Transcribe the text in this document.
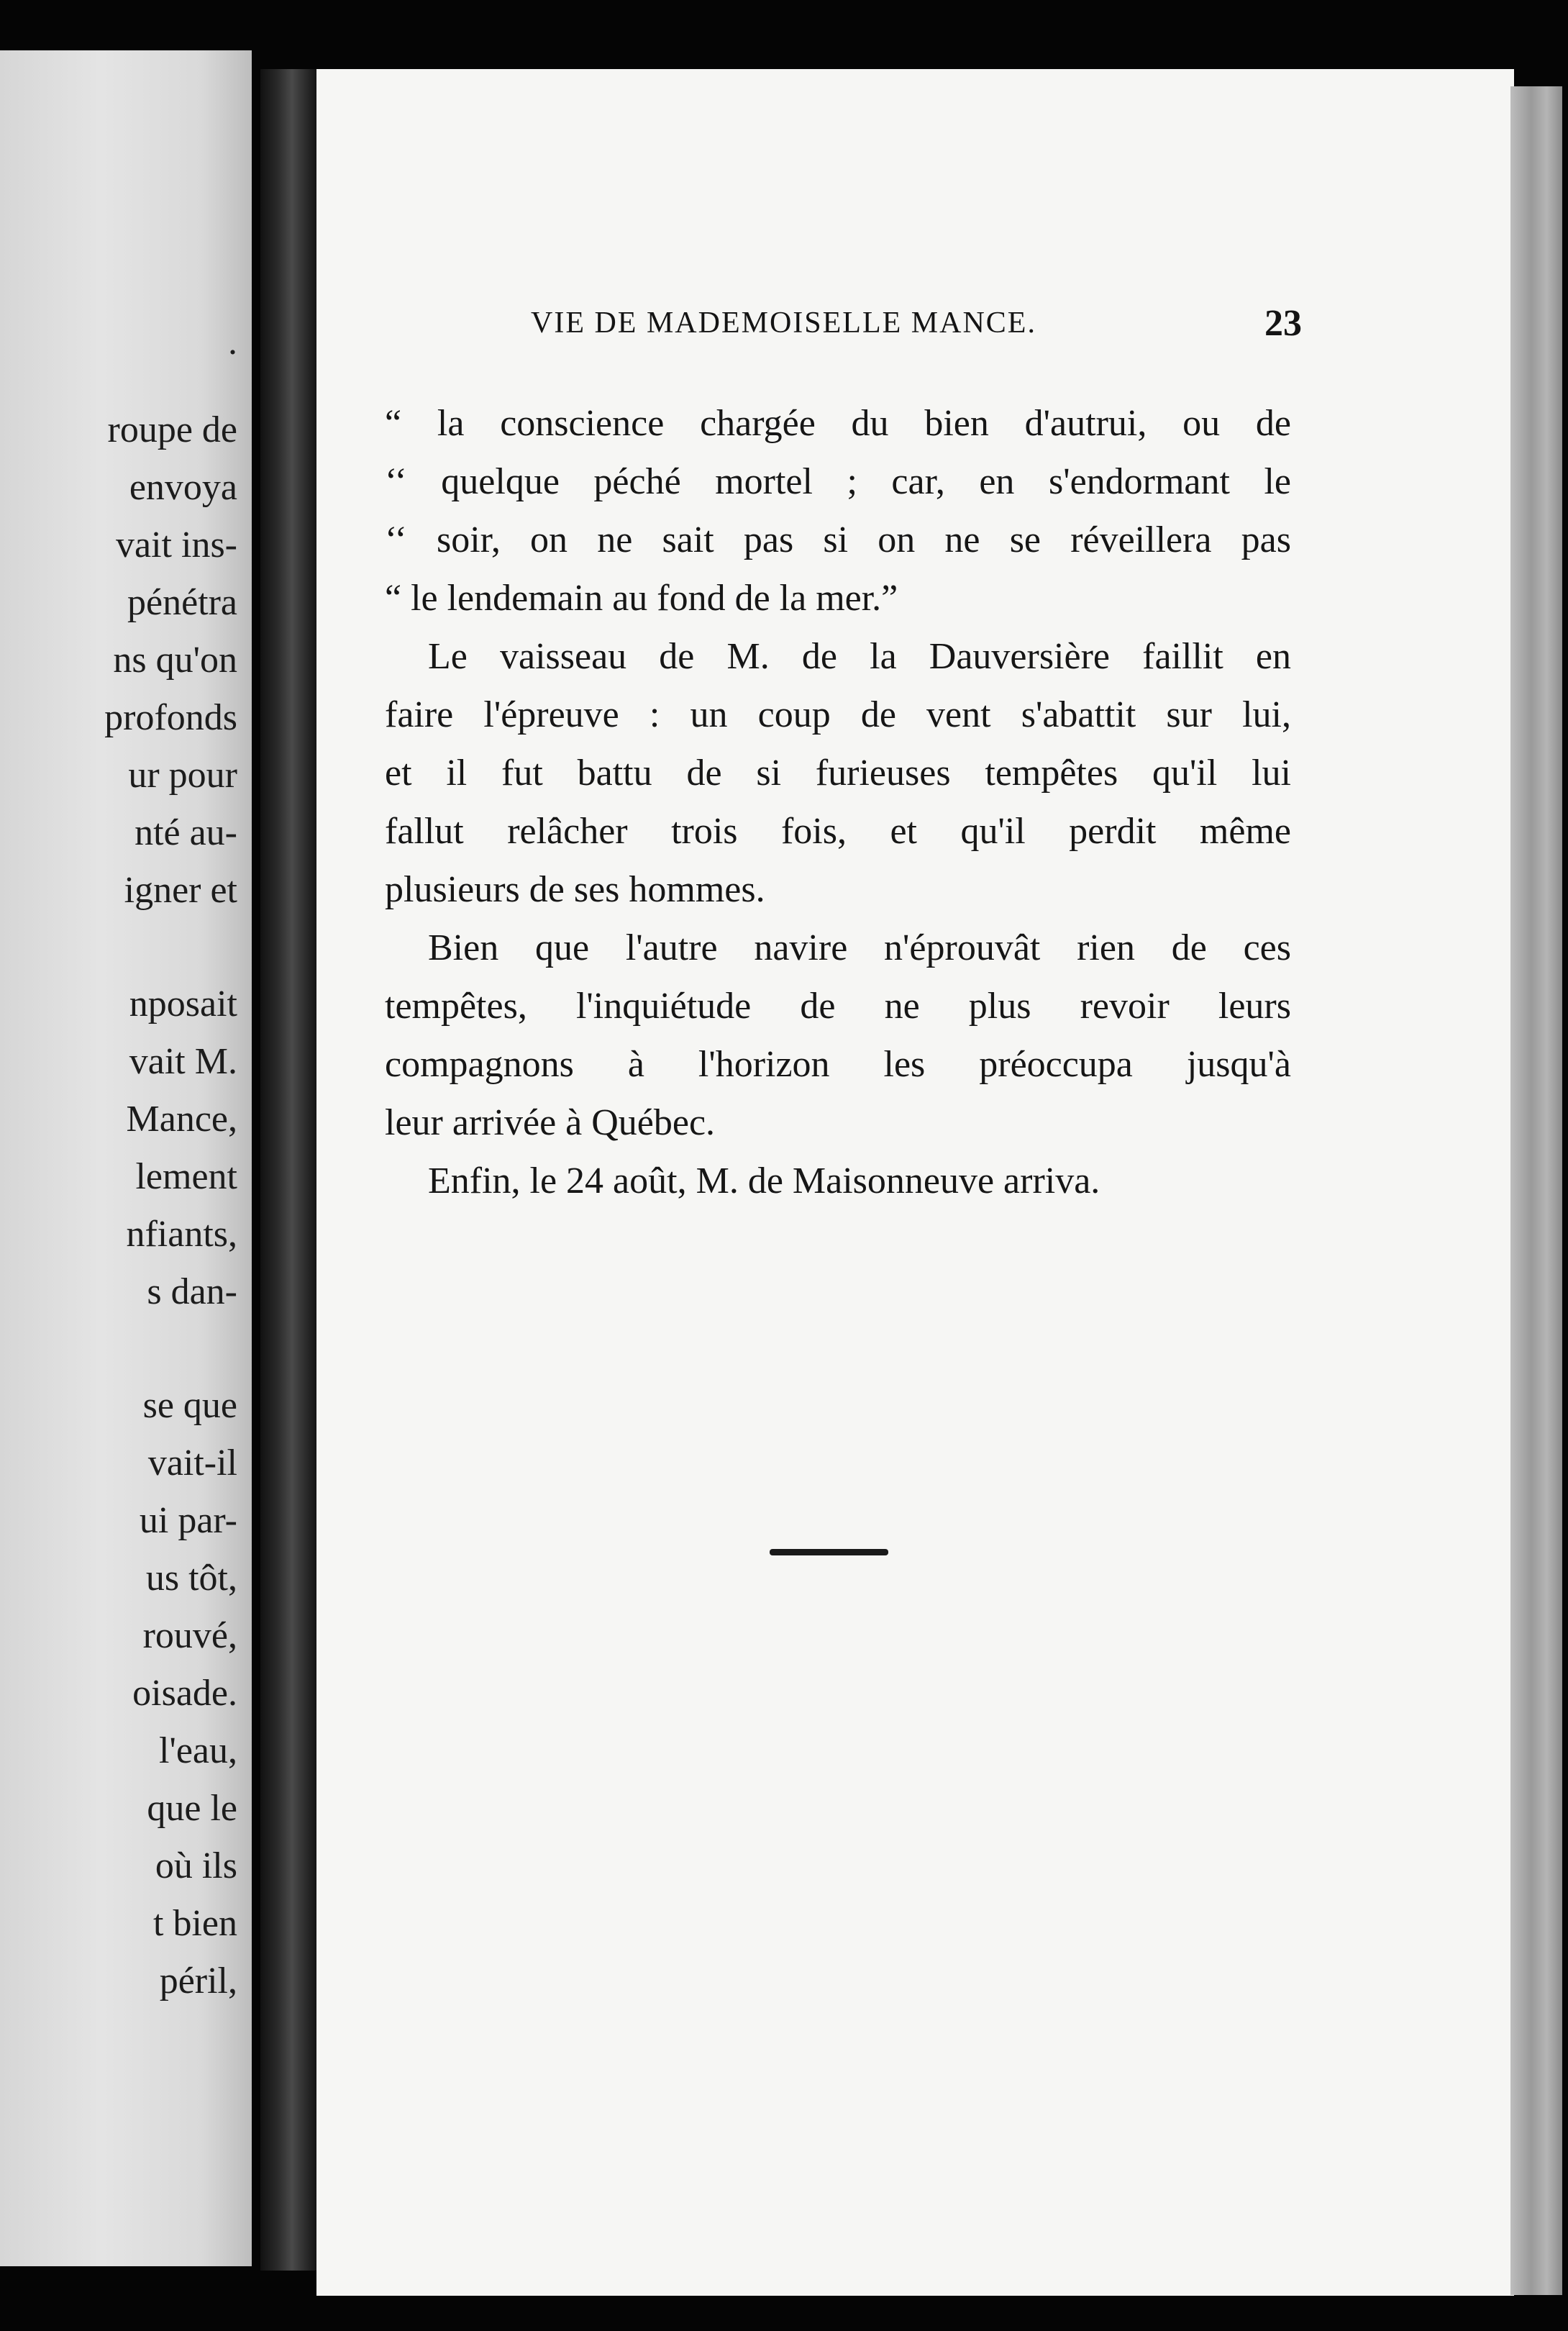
.
roupe de
envoya
vait ins-
pénétra
ns qu'on
profonds
ur pour
nté au-
igner et
nposait
vait M.
Mance,
lement
nfiants,
s dan-
se que
vait-il
ui par-
us tôt,
rouvé,
oisade.
l'eau,
que le
où ils
t bien
péril,
VIE DE MADEMOISELLE MANCE.	23
“ la conscience chargée du bien d'autrui, ou de
‘‘ quelque péché mortel ; car, en s'endormant le
‘‘ soir, on ne sait pas si on ne se réveillera pas
“ le lendemain au fond de la mer.”
Le vaisseau de M. de la Dauversière faillit en
faire l'épreuve : un coup de vent s'abattit sur lui,
et il fut battu de si furieuses tempêtes qu'il lui
fallut relâcher trois fois, et qu'il perdit même
plusieurs de ses hommes.
Bien que l'autre navire n'éprouvât rien de ces
tempêtes, l'inquiétude de ne plus revoir leurs
compagnons à l'horizon les préoccupa jusqu'à
leur arrivée à Québec.
Enfin, le 24 août, M. de Maisonneuve arriva.
